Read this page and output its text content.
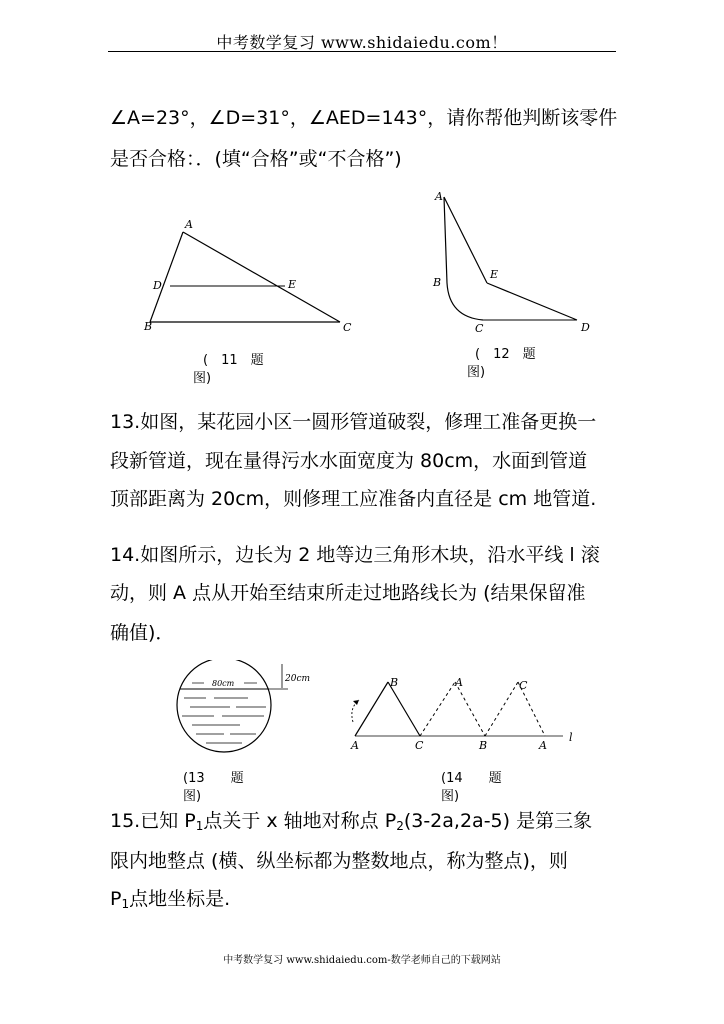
中考数学复习 www.shidaiedu.com！
∠A=23°，∠D=31°，∠AED=143°，请你帮他判断该零件
是否合格：．(填“合格”或“不合格”)
A
D	E
B	C
(　11　题
图)
A
E
B
C	D
(　12　题
图)
13.如图，某花园小区一圆形管道破裂，修理工准备更换一
段新管道，现在量得污水水面宽度为 80cm，水面到管道
顶部距离为 20cm，则修理工应准备内直径是 cm 地管道.
14.如图所示，边长为 2 地等边三角形木块，沿水平线 l 滚
动，则 A 点从开始至结束所走过地路线长为 (结果保留准
确值)．
80cm	20cm
(13　　题
图)
A
B
C
A
B
C
A
l
(14　　题
图)
15.已知 $P_1$点关于 x 轴地对称点 $P_2(3-2a,2a-5)$ 是第三象
限内地整点 (横、纵坐标都为整数地点，称为整点)，则
$P_1$点地坐标是.
中考数学复习 www.shidaiedu.com-数学老师自己的下载网站
